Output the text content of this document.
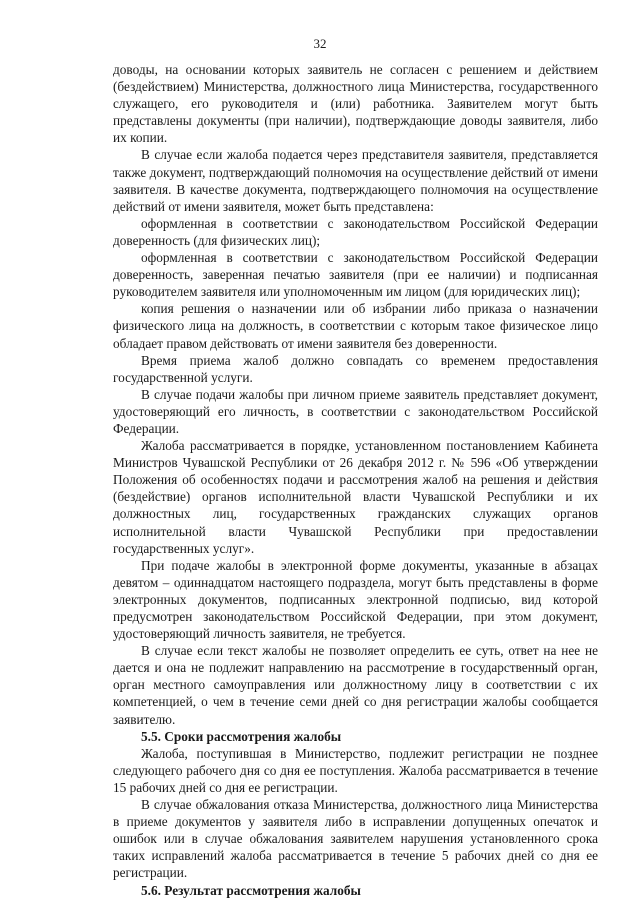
32

доводы, на основании которых заявитель не согласен с решением и действием (бездействием) Министерства, должностного лица Министерства, государственного служащего, его руководителя и (или) работника. Заявителем могут быть представлены документы (при наличии), подтверждающие доводы заявителя, либо их копии.

В случае если жалоба подается через представителя заявителя, представляется также документ, подтверждающий полномочия на осуществление действий от имени заявителя. В качестве документа, подтверждающего полномочия на осуществление действий от имени заявителя, может быть представлена:

оформленная в соответствии с законодательством Российской Федерации доверенность (для физических лиц);

оформленная в соответствии с законодательством Российской Федерации доверенность, заверенная печатью заявителя (при ее наличии) и подписанная руководителем заявителя или уполномоченным им лицом (для юридических лиц);

копия решения о назначении или об избрании либо приказа о назначении физического лица на должность, в соответствии с которым такое физическое лицо обладает правом действовать от имени заявителя без доверенности.

Время приема жалоб должно совпадать со временем предоставления государственной услуги.

В случае подачи жалобы при личном приеме заявитель представляет документ, удостоверяющий его личность, в соответствии с законодательством Российской Федерации.

Жалоба рассматривается в порядке, установленном постановлением Кабинета Министров Чувашской Республики от 26 декабря 2012 г. № 596 «Об утверждении Положения об особенностях подачи и рассмотрения жалоб на решения и действия (бездействие) органов исполнительной власти Чувашской Республики и их должностных лиц, государственных гражданских служащих органов исполнительной власти Чувашской Республики при предоставлении государственных услуг».

При подаче жалобы в электронной форме документы, указанные в абзацах девятом – одиннадцатом настоящего подраздела, могут быть представлены в форме электронных документов, подписанных электронной подписью, вид которой предусмотрен законодательством Российской Федерации, при этом документ, удостоверяющий личность заявителя, не требуется.

В случае если текст жалобы не позволяет определить ее суть, ответ на нее не дается и она не подлежит направлению на рассмотрение в государственный орган, орган местного самоуправления или должностному лицу в соответствии с их компетенцией, о чем в течение семи дней со дня регистрации жалобы сообщается заявителю.

5.5. Сроки рассмотрения жалобы

Жалоба, поступившая в Министерство, подлежит регистрации не позднее следующего рабочего дня со дня ее поступления. Жалоба рассматривается в течение 15 рабочих дней со дня ее регистрации.

В случае обжалования отказа Министерства, должностного лица Министерства в приеме документов у заявителя либо в исправлении допущенных опечаток и ошибок или в случае обжалования заявителем нарушения установленного срока таких исправлений жалоба рассматривается в течение 5 рабочих дней со дня ее регистрации.

5.6. Результат рассмотрения жалобы
